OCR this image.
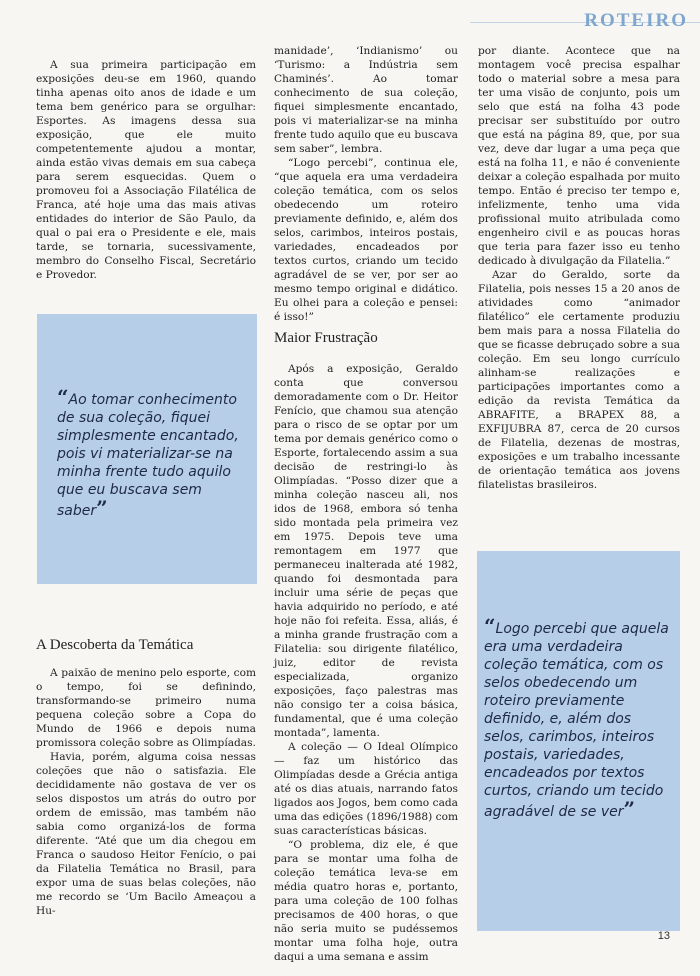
ROTEIRO

A sua primeira participação em exposições deu-se em 1960, quando tinha apenas oito anos de idade e um tema bem genérico para se orgulhar: Esportes. As imagens dessa sua exposição, que ele muito competentemente ajudou a montar, ainda estão vivas demais em sua cabeça para serem esquecidas. Quem o promoveu foi a Associação Filatélica de Franca, até hoje uma das mais ativas entidades do interior de São Paulo, da qual o pai era o Presidente e ele, mais tarde, se tornaria, sucessivamente, membro do Conselho Fiscal, Secretário e Provedor.

“Ao tomar conhecimento de sua coleção, fiquei simplesmente encantado, pois vi materializar-se na minha frente tudo aquilo que eu buscava sem saber”
A Descoberta da Temática

A paixão de menino pelo esporte, com o tempo, foi se definindo, transformando-se primeiro numa pequena coleção sobre a Copa do Mundo de 1966 e depois numa promissora coleção sobre as Olimpíadas.

Havia, porém, alguma coisa nessas coleções que não o satisfazia. Ele decididamente não gostava de ver os selos dispostos um atrás do outro por ordem de emissão, mas também não sabia como organizá-los de forma diferente. “Até que um dia chegou em Franca o saudoso Heitor Fenício, o pai da Filatelia Temática no Brasil, para expor uma de suas belas coleções, não me recordo se ‘Um Bacilo Ameaçou a Hu-

manidade’, ‘Indianismo’ ou ‘Turismo: a Indústria sem Chaminés’. Ao tomar conhecimento de sua coleção, fiquei simplesmente encantado, pois vi materializar-se na minha frente tudo aquilo que eu buscava sem saber”, lembra.

“Logo percebi”, continua ele, “que aquela era uma verdadeira coleção temática, com os selos obedecendo um roteiro previamente definido, e, além dos selos, carimbos, inteiros postais, variedades, encadeados por textos curtos, criando um tecido agradável de se ver, por ser ao mesmo tempo original e didático. Eu olhei para a coleção e pensei: é isso!”

Maior Frustração

Após a exposição, Geraldo conta que conversou demoradamente com o Dr. Heitor Fenício, que chamou sua atenção para o risco de se optar por um tema por demais genérico como o Esporte, fortalecendo assim a sua decisão de restringi-lo às Olimpíadas. “Posso dizer que a minha coleção nasceu ali, nos idos de 1968, embora só tenha sido montada pela primeira vez em 1975. Depois teve uma remontagem em 1977 que permaneceu inalterada até 1982, quando foi desmontada para incluir uma série de peças que havia adquirido no período, e até hoje não foi refeita. Essa, aliás, é a minha grande frustração com a Filatelia: sou dirigente filatélico, juiz, editor de revista especializada, organizo exposições, faço palestras mas não consigo ter a coisa básica, fundamental, que é uma coleção montada”, lamenta.

A coleção — O Ideal Olímpico — faz um histórico das Olimpíadas desde a Grécia antiga até os dias atuais, narrando fatos ligados aos Jogos, bem como cada uma das edições (1896/1988) com suas características básicas.

“O problema, diz ele, é que para se montar uma folha de coleção temática leva-se em média quatro horas e, portanto, para uma coleção de 100 folhas precisamos de 400 horas, o que não seria muito se pudéssemos montar uma folha hoje, outra daqui a uma semana e assim

por diante. Acontece que na montagem você precisa espalhar todo o material sobre a mesa para ter uma visão de conjunto, pois um selo que está na folha 43 pode precisar ser substituído por outro que está na página 89, que, por sua vez, deve dar lugar a uma peça que está na folha 11, e não é conveniente deixar a coleção espalhada por muito tempo. Então é preciso ter tempo e, infelizmente, tenho uma vida profissional muito atribulada como engenheiro civil e as poucas horas que teria para fazer isso eu tenho dedicado à divulgação da Filatelia.”

Azar do Geraldo, sorte da Filatelia, pois nesses 15 a 20 anos de atividades como “animador filatélico” ele certamente produziu bem mais para a nossa Filatelia do que se ficasse debruçado sobre a sua coleção. Em seu longo currículo alinham-se realizações e participações importantes como a edição da revista Temática da ABRAFITE, a BRAPEX 88, a EXFIJUBRA 87, cerca de 20 cursos de Filatelia, dezenas de mostras, exposições e um trabalho incessante de orientação temática aos jovens filatelistas brasileiros.

“Logo percebi que aquela era uma verdadeira coleção temática, com os selos obedecendo um roteiro previamente definido, e, além dos selos, carimbos, inteiros postais, variedades, encadeados por textos curtos, criando um tecido agradável de se ver”
13
